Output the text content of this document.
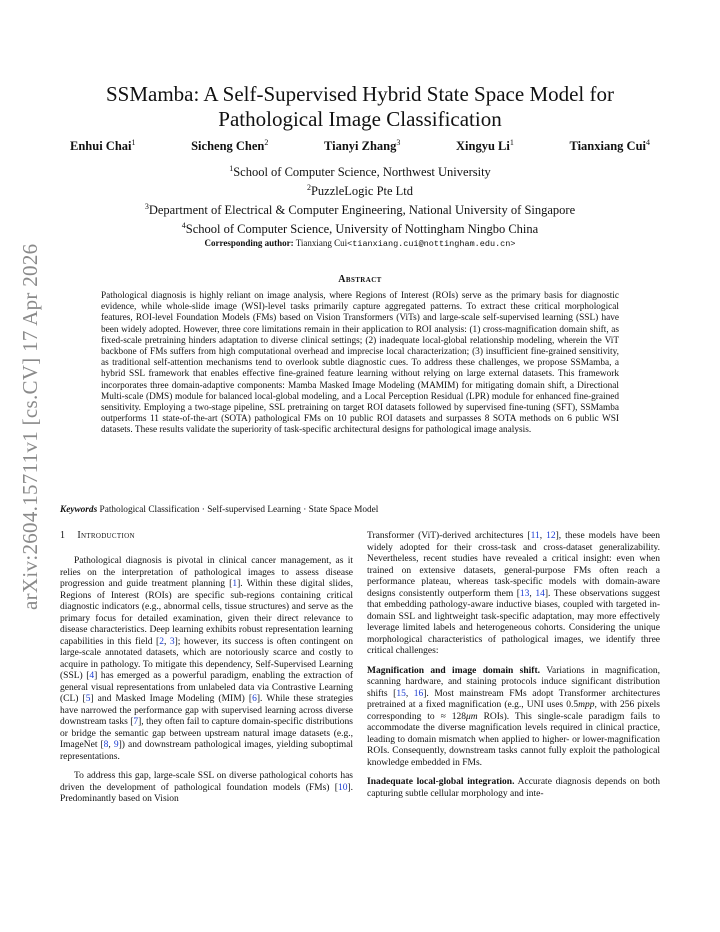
arXiv:2604.15711v1 [cs.CV] 17 Apr 2026
SSMamba: A Self-Supervised Hybrid State Space Model for Pathological Image Classification
Enhui Chai$^1$	Sicheng Chen$^2$	Tianyi Zhang$^3$	Xingyu Li$^1$	Tianxiang Cui$^4$
$^1$School of Computer Science, Northwest University
$^2$PuzzleLogic Pte Ltd
$^3$Department of Electrical & Computer Engineering, National University of Singapore
$^4$School of Computer Science, University of Nottingham Ningbo China
Corresponding author: Tianxiang Cui<tianxiang.cui@nottingham.edu.cn>
Abstract

Pathological diagnosis is highly reliant on image analysis, where Regions of Interest (ROIs) serve as the primary basis for diagnostic evidence, while whole-slide image (WSI)-level tasks primarily capture aggregated patterns. To extract these critical morphological features, ROI-level Foundation Models (FMs) based on Vision Transformers (ViTs) and large-scale self-supervised learning (SSL) have been widely adopted. However, three core limitations remain in their application to ROI analysis: (1) cross-magnification domain shift, as fixed-scale pretraining hinders adaptation to diverse clinical settings; (2) inadequate local-global relationship modeling, wherein the ViT backbone of FMs suffers from high computational overhead and imprecise local characterization; (3) insufficient fine-grained sensitivity, as traditional self-attention mechanisms tend to overlook subtle diagnostic cues. To address these challenges, we propose SSMamba, a hybrid SSL framework that enables effective fine-grained feature learning without relying on large external datasets. This framework incorporates three domain-adaptive components: Mamba Masked Image Modeling (MAMIM) for mitigating domain shift, a Directional Multi-scale (DMS) module for balanced local-global modeling, and a Local Perception Residual (LPR) module for enhanced fine-grained sensitivity. Employing a two-stage pipeline, SSL pretraining on target ROI datasets followed by supervised fine-tuning (SFT), SSMamba outperforms 11 state-of-the-art (SOTA) pathological FMs on 10 public ROI datasets and surpasses 8 SOTA methods on 6 public WSI datasets. These results validate the superiority of task-specific architectural designs for pathological image analysis.

Keywords Pathological Classification · Self-supervised Learning · State Space Model
1 Introduction

Pathological diagnosis is pivotal in clinical cancer management, as it relies on the interpretation of pathological images to assess disease progression and guide treatment planning [1]. Within these digital slides, Regions of Interest (ROIs) are specific sub-regions containing critical diagnostic indicators (e.g., abnormal cells, tissue structures) and serve as the primary focus for detailed examination, given their direct relevance to disease characteristics. Deep learning exhibits robust representation learning capabilities in this field [2, 3]; however, its success is often contingent on large-scale annotated datasets, which are notoriously scarce and costly to acquire in pathology. To mitigate this dependency, Self-Supervised Learning (SSL) [4] has emerged as a powerful paradigm, enabling the extraction of general visual representations from unlabeled data via Contrastive Learning (CL) [5] and Masked Image Modeling (MIM) [6]. While these strategies have narrowed the performance gap with supervised learning across diverse downstream tasks [7], they often fail to capture domain-specific distributions or bridge the semantic gap between upstream natural image datasets (e.g., ImageNet [8, 9]) and downstream pathological images, yielding suboptimal representations.

To address this gap, large-scale SSL on diverse pathological cohorts has driven the development of pathological foundation models (FMs) [10]. Predominantly based on Vision

Transformer (ViT)-derived architectures [11, 12], these models have been widely adopted for their cross-task and cross-dataset generalizability. Nevertheless, recent studies have revealed a critical insight: even when trained on extensive datasets, general-purpose FMs often reach a performance plateau, whereas task-specific models with domain-aware designs consistently outperform them [13, 14]. These observations suggest that embedding pathology-aware inductive biases, coupled with targeted in-domain SSL and lightweight task-specific adaptation, may more effectively leverage limited labels and heterogeneous cohorts. Considering the unique morphological characteristics of pathological images, we identify three critical challenges:

Magnification and image domain shift. Variations in magnification, scanning hardware, and staining protocols induce significant distribution shifts [15, 16]. Most mainstream FMs adopt Transformer architectures pretrained at a fixed magnification (e.g., UNI uses 0.5mpp, with 256 pixels corresponding to ≈ 128μm ROIs). This single-scale paradigm fails to accommodate the diverse magnification levels required in clinical practice, leading to domain mismatch when applied to higher- or lower-magnification ROIs. Consequently, downstream tasks cannot fully exploit the pathological knowledge embedded in FMs.

Inadequate local-global integration. Accurate diagnosis depends on both capturing subtle cellular morphology and inte-
